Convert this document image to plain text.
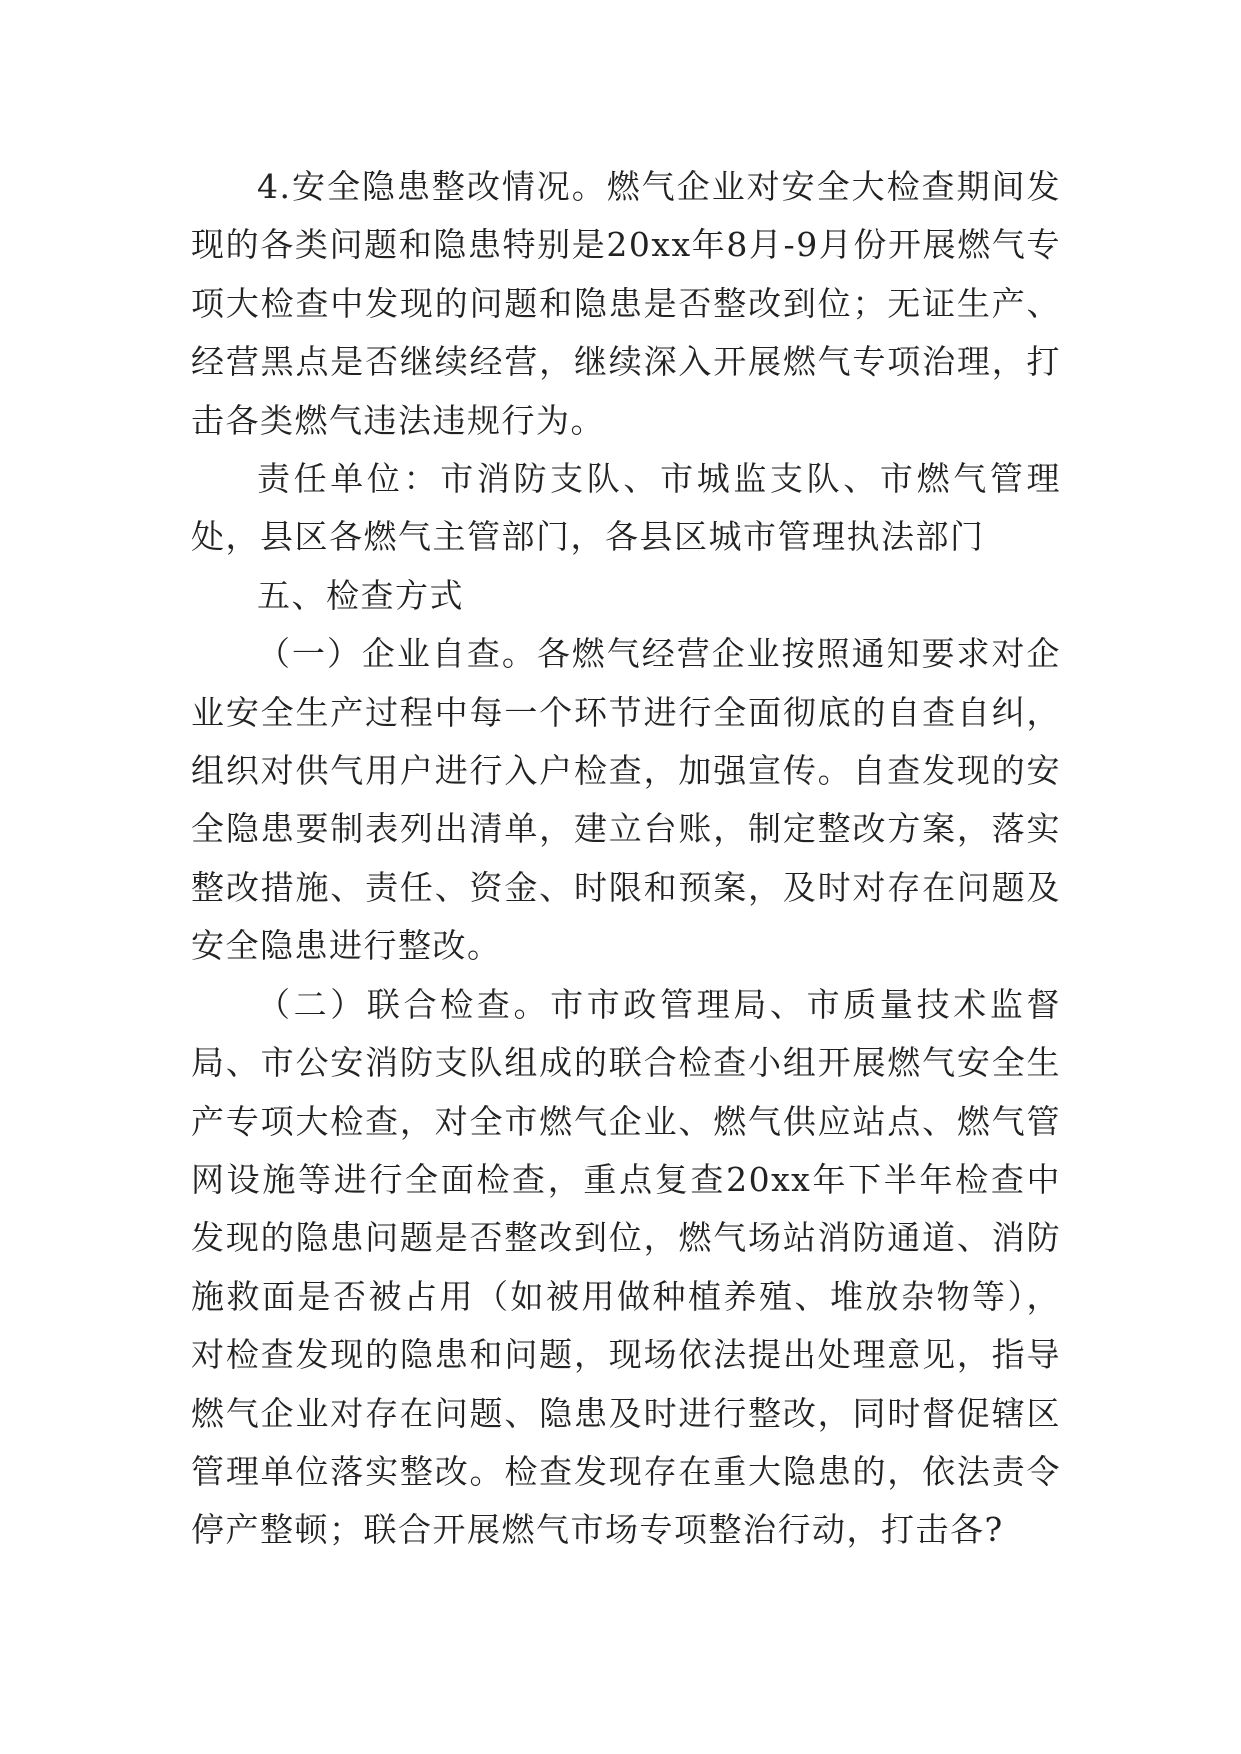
4.安全隐患整改情况。燃气企业对安全大检查期间发现的各类问题和隐患特别是20xx年8月-9月份开展燃气专项大检查中发现的问题和隐患是否整改到位；无证生产、经营黑点是否继续经营，继续深入开展燃气专项治理，打击各类燃气违法违规行为。

责任单位：市消防支队、市城监支队、市燃气管理处，县区各燃气主管部门，各县区城市管理执法部门

五、检查方式

（一）企业自查。各燃气经营企业按照通知要求对企业安全生产过程中每一个环节进行全面彻底的自查自纠，组织对供气用户进行入户检查，加强宣传。自查发现的安全隐患要制表列出清单，建立台账，制定整改方案，落实整改措施、责任、资金、时限和预案，及时对存在问题及安全隐患进行整改。

（二）联合检查。市市政管理局、市质量技术监督局、市公安消防支队组成的联合检查小组开展燃气安全生产专项大检查，对全市燃气企业、燃气供应站点、燃气管网设施等进行全面检查，重点复查20xx年下半年检查中发现的隐患问题是否整改到位，燃气场站消防通道、消防施救面是否被占用（如被用做种植养殖、堆放杂物等），对检查发现的隐患和问题，现场依法提出处理意见，指导燃气企业对存在问题、隐患及时进行整改，同时督促辖区管理单位落实整改。检查发现存在重大隐患的，依法责令停产整顿；联合开展燃气市场专项整治行动，打击各?
